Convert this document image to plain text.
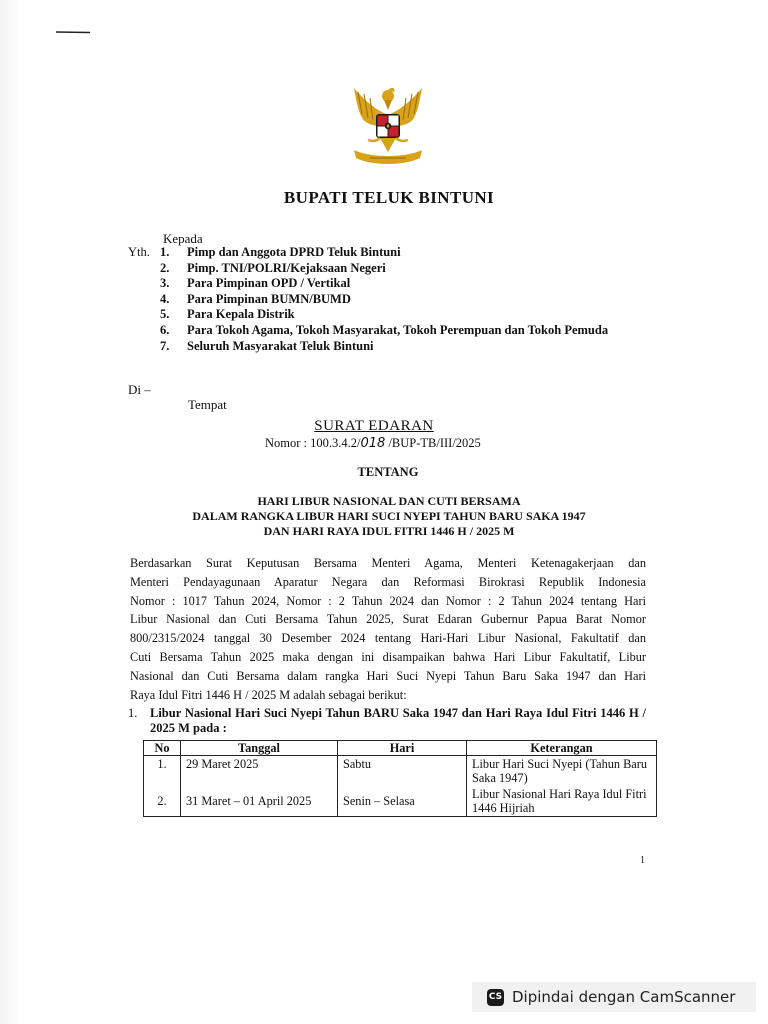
BUPATI TELUK BINTUNI
Kepada
Yth. 1.	Pimp dan Anggota DPRD Teluk Bintuni
2.	Pimp. TNI/POLRI/Kejaksaan Negeri
3.	Para Pimpinan OPD / Vertikal
4.	Para Pimpinan BUMN/BUMD
5.	Para Kepala Distrik
6.	Para Tokoh Agama, Tokoh Masyarakat, Tokoh Perempuan dan Tokoh Pemuda
7.	Seluruh Masyarakat Teluk Bintuni
Di –
Tempat
SURAT EDARAN
Nomor : 100.3.4.2/018 /BUP-TB/III/2025
TENTANG
HARI LIBUR NASIONAL DAN CUTI BERSAMA
DALAM RANGKA LIBUR HARI SUCI NYEPI TAHUN BARU SAKA 1947
DAN HARI RAYA IDUL FITRI 1446 H / 2025 M
Berdasarkan Surat Keputusan Bersama Menteri Agama, Menteri Ketenagakerjaan dan
Menteri Pendayagunaan Aparatur Negara dan Reformasi Birokrasi Republik Indonesia
Nomor : 1017 Tahun 2024, Nomor : 2 Tahun 2024 dan Nomor : 2 Tahun 2024 tentang Hari
Libur Nasional dan Cuti Bersama Tahun 2025, Surat Edaran Gubernur Papua Barat Nomor
800/2315/2024 tanggal 30 Desember 2024 tentang Hari-Hari Libur Nasional, Fakultatif dan
Cuti Bersama Tahun 2025 maka dengan ini disampaikan bahwa Hari Libur Fakultatif, Libur
Nasional dan Cuti Bersama dalam rangka Hari Suci Nyepi Tahun Baru Saka 1947 dan Hari
Raya Idul Fitri 1446 H / 2025 M adalah sebagai berikut:
1.	Libur Nasional Hari Suci Nyepi Tahun BARU Saka 1947 dan Hari Raya Idul Fitri 1446 H / 2025 M pada :
No	Tanggal	Hari	Keterangan
1.	29 Maret 2025	Sabtu	Libur Hari Suci Nyepi (Tahun Baru Saka 1947)
2.	31 Maret – 01 April 2025	Senin – Selasa	Libur Nasional Hari Raya Idul Fitri 1446 Hijriah
1
CS Dipindai dengan CamScanner
